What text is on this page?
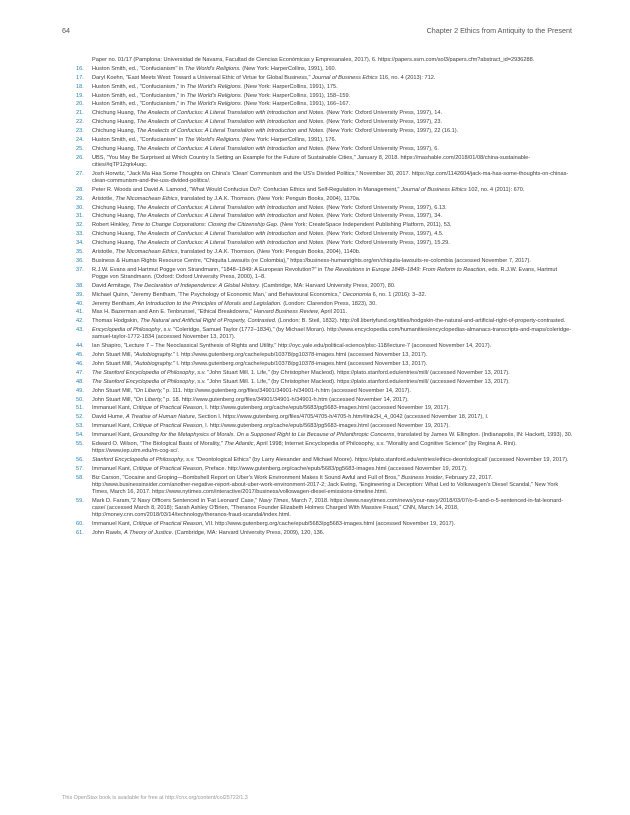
64	Chapter 2 Ethics from Antiquity to the Present
Paper no. 01/17 (Pamplona: Universidad de Navarra, Facultad de Ciencias Económicas y Empresanales, 2017), 6. https://papers.ssrn.com/sol3/papers.cfm?abstract_id=2936288.
16.	Huston Smith, ed., "Confucianism" in The World's Religions. (New York: HarperCollins, 1991), 160.
17.	Daryl Koehn, "East Meets West: Toward a Universal Ethic of Virtue for Global Business," Journal of Business Ethics 116, no. 4 (2013): 712.
18.	Huston Smith, ed., "Confucianism," in The World's Religions. (New York: HarperCollins, 1991), 175.
19.	Huston Smith, ed., "Confucianism," in The World's Religions. (New York: HarperCollins, 1991), 158–159.
20.	Huston Smith, ed., "Confucianism," in The World's Religions. (New York: HarperCollins, 1991), 166–167.
21.	Chichung Huang, The Analects of Confucius: A Literal Translation with Introduction and Notes. (New York: Oxford University Press, 1997), 14.
22.	Chichung Huang, The Analects of Confucius: A Literal Translation with Introduction and Notes. (New York: Oxford University Press, 1997), 23.
23.	Chichung Huang, The Analects of Confucius: A Literal Translation with Introduction and Notes. (New York: Oxford University Press, 1997), 22 (16.1).
24.	Huston Smith, ed., "Confucianism" in The World's Religions. (New York: HarperCollins, 1991), 176.
25.	Chichung Huang, The Analects of Confucius: A Literal Translation with Introduction and Notes. (New York: Oxford University Press, 1997), 6.
26.	UBS, "You May Be Surprised at Which Country Is Setting an Example for the Future of Sustainable Cities," January 8, 2018. https://mashable.com/2018/01/08/china-sustainable-cities/#qTP12qrk4uqc.
27.	Josh Horwitz, "Jack Ma Has Some Thoughts on China's 'Clean' Communism and the US's Divided Politics," November 30, 2017. https://qz.com/1142604/jack-ma-has-some-thoughts-on-chinas-clean-communism-and-the-uss-divided-politics/.
28.	Peter R. Woods and David A. Lamond, "What Would Confucius Do?: Confucian Ethics and Self-Regulation in Management," Journal of Business Ethics 102, no. 4 (2011): 670.
29.	Aristotle, The Nicomachean Ethics, translated by J.A.K. Thomson. (New York: Penguin Books, 2004), 1170a.
30.	Chichung Huang, The Analects of Confucius: A Literal Translation with Introduction and Notes. (New York: Oxford University Press, 1997), 6.13.
31.	Chichung Huang, The Analects of Confucius: A Literal Translation with Introduction and Notes. (New York: Oxford University Press, 1997), 34.
32.	Robert Hinkley, Time to Change Corporations: Closing the Citizenship Gap. (New York: CreateSpace Independent Publishing Platform, 2011), 53.
33.	Chichung Huang, The Analects of Confucius: A Literal Translation with Introduction and Notes. (New York: Oxford University Press, 1997), 4.5.
34.	Chichung Huang, The Analects of Confucius: A Literal Translation with Introduction and Notes. (New York: Oxford University Press, 1997), 15.29.
35.	Aristotle, The Nicomachean Ethics, translated by J.A.K. Thomson. (New York: Penguin Books, 2004), 1140b.
36.	Business & Human Rights Resource Centre, "Chiquita Lawsuits (re Colombia)," https://business-humanrights.org/en/chiquita-lawsuits-re-colombia (accessed November 7, 2017).
37.	R.J.W. Evans and Hartmut Pogge von Strandmann, "1848–1849: A European Revolution?" in The Revolutions in Europe 1848–1849: From Reform to Reaction, eds. R.J.W. Evans, Hartmut Pogge von Strandmann. (Oxford: Oxford University Press, 2000), 1–8.
38.	David Armitage, The Declaration of Independence: A Global History. (Cambridge, MA: Harvard University Press, 2007), 80.
39.	Michael Quinn, "Jeremy Bentham, 'The Psychology of Economic Man,' and Behavioural Economics," Oeconomia 6, no. 1 (2016): 3–32.
40.	Jeremy Bentham, An Introduction to the Principles of Morals and Legislation. (London: Clarendon Press, 1823), 30.
41.	Max H. Bazerman and Ann E. Tenbrunsel, "Ethical Breakdowns," Harvard Business Review, April 2011.
42.	Thomas Hodgskin, The Natural and Artificial Right of Property, Contrasted. (London: B. Steil, 1832). http://oll.libertyfund.org/titles/hodgskin-the-natural-and-artificial-right-of-property-contrasted.
43.	Encyclopedia of Philosophy, s.v. "Coleridge, Samuel Taylor (1772–1834)," (by Michael Moran). http://www.encyclopedia.com/humanities/encyclopedias-almanacs-transcripts-and-maps/coleridge-samuel-taylor-1772-1834 (accessed November 13, 2017).
44.	Ian Shapiro, "Lecture 7 – The Neoclassical Synthesis of Rights and Utility." http://oyc.yale.edu/political-science/plsc-118/lecture-7 (accessed November 14, 2017).
45.	John Stuart Mill, "Autobiography." I. http://www.gutenberg.org/cache/epub/10378/pg10378-images.html (accessed November 13, 2017).
46.	John Stuart Mill, "Autobiography." I. http://www.gutenberg.org/cache/epub/10378/pg10378-images.html (accessed November 13, 2017).
47.	The Stanford Encyclopedia of Philosophy, s.v. "John Stuart Mill. 1. Life," (by Christopher Macleod). https://plato.stanford.edu/entries/mill/ (accessed November 13, 2017).
48.	The Stanford Encyclopedia of Philosophy, s.v. "John Stuart Mill. 1. Life," (by Christopher Macleod). https://plato.stanford.edu/entries/mill/ (accessed November 13, 2017).
49.	John Stuart Mill, "On Liberty," p. 111. http://www.gutenberg.org/files/34901/34901-h/34901-h.htm (accessed November 14, 2017).
50.	John Stuart Mill, "On Liberty," p. 18. http://www.gutenberg.org/files/34901/34901-h/34901-h.htm (accessed November 14, 2017).
51.	Immanuel Kant, Critique of Practical Reason, I. http://www.gutenberg.org/cache/epub/5683/pg5683-images.html (accessed November 19, 2017).
52.	David Hume, A Treatise of Human Nature, Section I. https://www.gutenberg.org/files/4705/4705-h/4705-h.htm#link2H_4_0042 (accessed November 18, 2017), I.
53.	Immanuel Kant, Critique of Practical Reason, I. http://www.gutenberg.org/cache/epub/5683/pg5683-images.html (accessed November 19, 2017).
54.	Immanuel Kant, Grounding for the Metaphysics of Morals. On a Supposed Right to Lie Because of Philanthropic Concerns, translated by James W. Ellington. (Indianapolis, IN: Hackett, 1993), 30.
55.	Edward O. Wilson, "The Biological Basis of Morality," The Atlantic, April 1998; Internet Encyclopedia of Philosophy, s.v. "Morality and Cognitive Science" (by Regina A. Rini). https://www.iep.utm.edu/m-cog-sc/.
56.	Stanford Encyclopedia of Philosophy, s.v. "Deontological Ethics" (by Larry Alexander and Michael Moore). https://plato.stanford.edu/entries/ethics-deontological/ (accessed November 19, 2017).
57.	Immanuel Kant, Critique of Practical Reason, Preface. http://www.gutenberg.org/cache/epub/5683/pg5683-images.html (accessed November 19, 2017).
58.	Biz Carson, "Cocaine and Groping—Bombshell Report on Uber's Work Environment Makes It Sound Awful and Full of Bros," Business Insider, February 22, 2017. http://www.businessinsider.com/another-negative-report-about-uber-work-environment-2017-2; Jack Ewing, "Engineering a Deception: What Led to Volkswagen's Diesel Scandal," New York Times, March 16, 2017. https://www.nytimes.com/interactive/2017/business/volkswagen-diesel-emissions-timeline.html.
59.	Mark D. Faram,"2 Navy Officers Sentenced in 'Fat Leonard' Case," Navy Times, March 7, 2018. https://www.navytimes.com/news/your-navy/2018/03/07/o-6-and-o-5-sentenced-in-fat-leonard-case/ (accessed March 8, 2018); Sarah Ashley O'Brien, "Theranos Founder Elizabeth Holmes Charged With Massive Fraud," CNN, March 14, 2018, http://money.cnn.com/2018/03/14/technology/theranos-fraud-scandal/index.html.
60.	Immanuel Kant, Critique of Practical Reason, VII. http://www.gutenberg.org/cache/epub/5683/pg5683-images.html (accessed November 19, 2017).
61.	John Rawls, A Theory of Justice. (Cambridge, MA: Harvard University Press, 2009), 120, 136.
This OpenStax book is available for free at http://cnx.org/content/col25722/1.3
